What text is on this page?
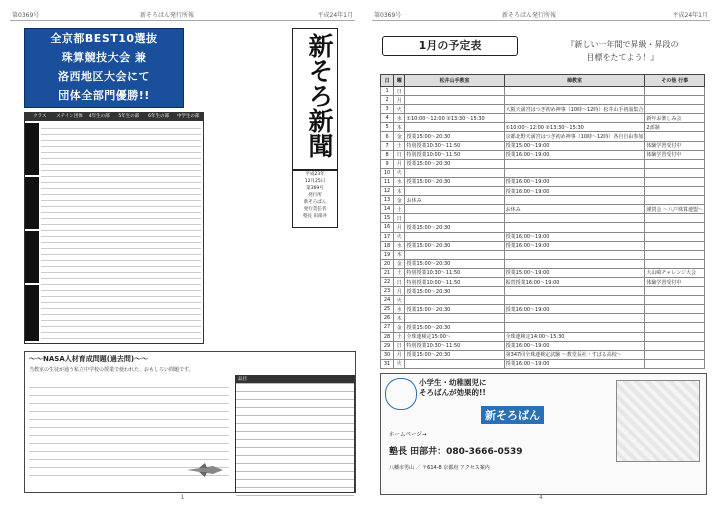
第0369号	新そろばん発行所報	平成24年1月
全京都BEST10選抜
珠算競技大会 兼
洛西地区大会にて
団体全部門優勝!!
クラス	ステイン団体	4年生の部	5年生の部	6年生の部	中学生の部	新そろ新聞
平成23年
12月25日
第369号
発行所
新そろばん
発行責任者
塾長 田部井
〜〜NASA人材育成問題(過去問)〜〜
当教室の生徒が通う私立中学校の授業で使われた、おもしろい問題です。
品目
1
第0369号	新そろばん発行所報	平成24年1月
1月の予定表	『新しい一年間で昇級・昇段の
目標をたてよう！』
日	曜	松井山手教室	樟教室	その他 行事
1	日			
2	月			
3	火		大阪天満宮はつぎ初め神事（10時〜12時）松井山手初詣集合	
4	水	①10:00〜12:00 ②13:30〜15:30		新年お楽しみ会
5	木		①10:00〜12:00 ②13:30〜15:30	2部制
6	金	授業15:00〜20:30	京都北野天満宮はつぎ初め神事（10時〜12時）各自自由参加	
7	土	特別授業10:30〜11:50	授業15:00〜19:00	体験学習受付中
8	日	特別授業10:00〜11:50	授業16:00〜19:00	体験学習受付中
9	月	授業15:00〜20:30		
10	火			
11	水	授業15:00〜20:30	授業16:00〜19:00	
12	木		授業16:00〜19:00	
13	金	お休み		
14	土		お休み	謹賀会 〜八戸珠算連盟〜
15	日			
16	月	授業15:00〜20:30		
17	火		授業16:00〜19:00	
18	水	授業15:00〜20:30	授業16:00〜19:00	
19	木			
20	金	授業15:00〜20:30		
21	土	特別授業10:30〜11:50	授業15:00〜19:00	大山崎チャレンジ大会
22	日	特別授業10:00〜11:50	振替授業16:00〜19:00	体験学習受付中
23	月	授業15:00〜20:30		
24	火			
25	水	授業15:00〜20:30	授業16:00〜19:00	
26	木			
27	金	授業15:00〜20:30		
28	土	全珠連検定15:00〜	全珠連検定14:00〜15:30	
29	日	特別授業10:30〜11:50	授業16:00〜19:00	
30	月	授業15:00〜20:30	第347回全珠連検定試験 〜教堂長社・すばる高校〜	
31	火		授業16:00〜19:00	
小学生・幼稚園児に
そろばんが効果的!!
新そろばん
ホームページ→
塾長 田部井：080-3666-0539
八幡市男山 ／ 〒614-8 京都府 アクセス案内
4
